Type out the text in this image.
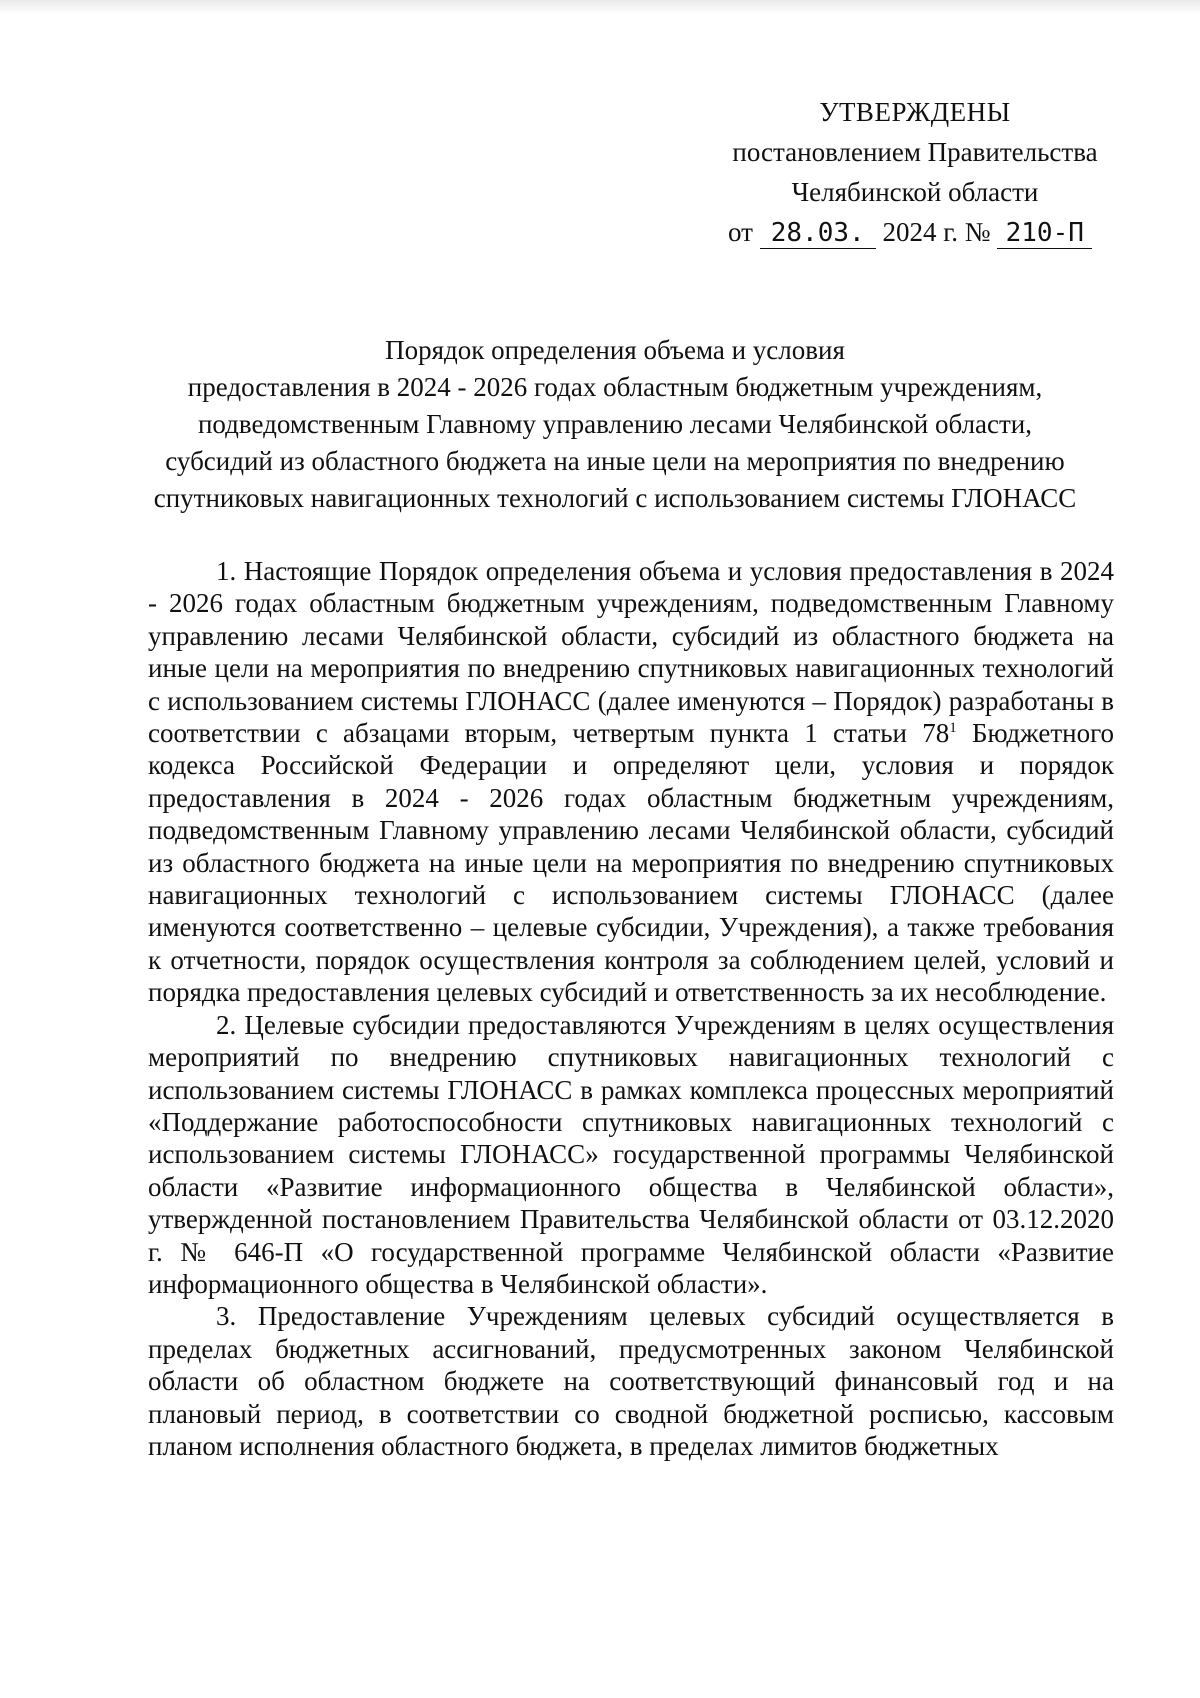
УТВЕРЖДЕНЫ
постановлением Правительства
Челябинской области
от 28.03. 2024 г. № 210-П
Порядок определения объема и условия
предоставления в 2024 - 2026 годах областным бюджетным учреждениям,
подведомственным Главному управлению лесами Челябинской области,
субсидий из областного бюджета на иные цели на мероприятия по внедрению
спутниковых навигационных технологий с использованием системы ГЛОНАСС

1. Настоящие Порядок определения объема и условия предоставления в 2024 - 2026 годах областным бюджетным учреждениям, подведомственным Главному управлению лесами Челябинской области, субсидий из областного бюджета на иные цели на мероприятия по внедрению спутниковых навигационных технологий с использованием системы ГЛОНАСС (далее именуются – Порядок) разработаны в соответствии с абзацами вторым, четвертым пункта 1 статьи $78^1$ Бюджетного кодекса Российской Федерации и определяют цели, условия и порядок предоставления в 2024 - 2026 годах областным бюджетным учреждениям, подведомственным Главному управлению лесами Челябинской области, субсидий из областного бюджета на иные цели на мероприятия по внедрению спутниковых навигационных технологий с использованием системы ГЛОНАСС (далее именуются соответственно – целевые субсидии, Учреждения), а также требования к отчетности, порядок осуществления контроля за соблюдением целей, условий и порядка предоставления целевых субсидий и ответственность за их несоблюдение.

2. Целевые субсидии предоставляются Учреждениям в целях осуществления мероприятий по внедрению спутниковых навигационных технологий с использованием системы ГЛОНАСС в рамках комплекса процессных мероприятий «Поддержание работоспособности спутниковых навигационных технологий с использованием системы ГЛОНАСС» государственной программы Челябинской области «Развитие информационного общества в Челябинской области», утвержденной постановлением Правительства Челябинской области от 03.12.2020 г. № 646-П «О государственной программе Челябинской области «Развитие информационного общества в Челябинской области».

3. Предоставление Учреждениям целевых субсидий осуществляется в пределах бюджетных ассигнований, предусмотренных законом Челябинской области об областном бюджете на соответствующий финансовый год и на плановый период, в соответствии со сводной бюджетной росписью, кассовым планом исполнения областного бюджета, в пределах лимитов бюджетных
